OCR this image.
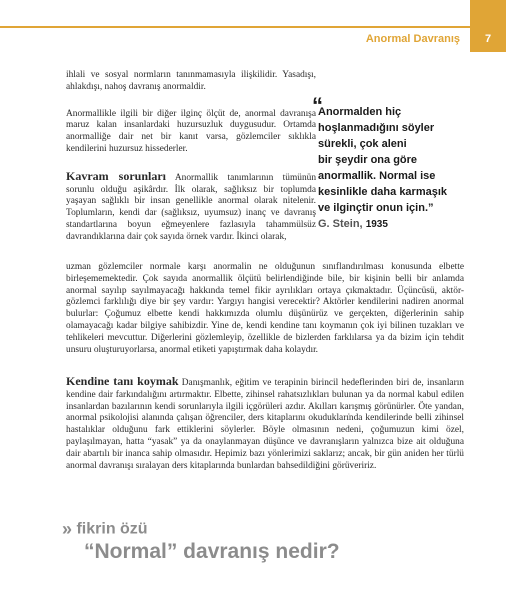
Anormal Davranış	7

ihlali ve sosyal normların tanınmamasıyla ilişkilidir. Yasadışı, ahlakdışı, nahoş davranış anormaldir.

Anormallikle ilgili bir diğer ilginç ölçüt de, anormal davranışa maruz kalan insanlardaki huzursuzluk duygusudur. Ortamda anormalliğe dair net bir kanıt varsa, gözlemciler sıklıkla kendilerini huzursuz hissederler.

Kavram sorunları Anormallik tanımlarının tümünün sorunlu olduğu aşikârdır. İlk olarak, sağlıksız bir toplumda yaşayan sağlıklı bir insan genellikle anormal olarak nitelenir. Toplumların, kendi dar (sağlıksız, uyumsuz) inanç ve davranış standartlarına boyun eğmeyenlere fazlasıyla tahammülsüz davrandıklarına dair çok sayıda örnek vardır. İkinci olarak,

“
Anormalden hiç
hoşlanmadığını söyler
sürekli, çok aleni
bir şeydir ona göre
anormallik. Normal ise
kesinlikle daha karmaşık
ve ilginçtir onun için.”
G. Stein, 1935

uzman gözlemciler normale karşı anormalin ne olduğunun sınıflandırılması konusunda elbette birleşememektedir. Çok sayıda anormallik ölçütü belirlendiğinde bile, bir kişinin belli bir anlamda anormal sayılıp sayılmayacağı hakkında temel fikir ayrılıkları ortaya çıkmaktadır. Üçüncüsü, aktör-gözlemci farklılığı diye bir şey vardır: Yargıyı hangisi verecektir? Aktörler kendilerini nadiren anormal bulurlar: Çoğumuz elbette kendi hakkımızda olumlu düşünürüz ve gerçekten, diğerlerinin sahip olamayacağı kadar bilgiye sahibizdir. Yine de, kendi kendine tanı koymanın çok iyi bilinen tuzakları ve tehlikeleri mevcuttur. Diğerlerini gözlemleyip, özellikle de bizlerden farklılarsa ya da bizim için tehdit unsuru oluşturuyorlarsa, anormal etiketi yapıştırmak daha kolaydır.

Kendine tanı koymak Danışmanlık, eğitim ve terapinin birincil hedeflerinden biri de, insanların kendine dair farkındalığını artırmaktır. Elbette, zihinsel rahatsızlıkları bulunan ya da normal kabul edilen insanlardan bazılarının kendi sorunlarıyla ilgili içgörüleri azdır. Akılları karışmış görünürler. Öte yandan, anormal psikolojisi alanında çalışan öğrenciler, ders kitaplarını okudukları̇nda kendilerinde belli zihinsel hastalıklar olduğunu fark ettiklerini söylerler. Böyle olmasının nedeni, çoğumuzun kimi özel, paylaşılmayan, hatta “yasak” ya da onaylanmayan düşünce ve davranışların yalnızca bize ait olduğuna dair abartılı bir inanca sahip olmasıdır. Hepimiz bazı yönlerimizi saklarız; ancak, bir gün aniden her türlü anormal davranışı sıralayan ders kitaplarında bunlardan bahsedildiğini görüveririz.

» fikrin özü
“Normal” davranış nedir?
